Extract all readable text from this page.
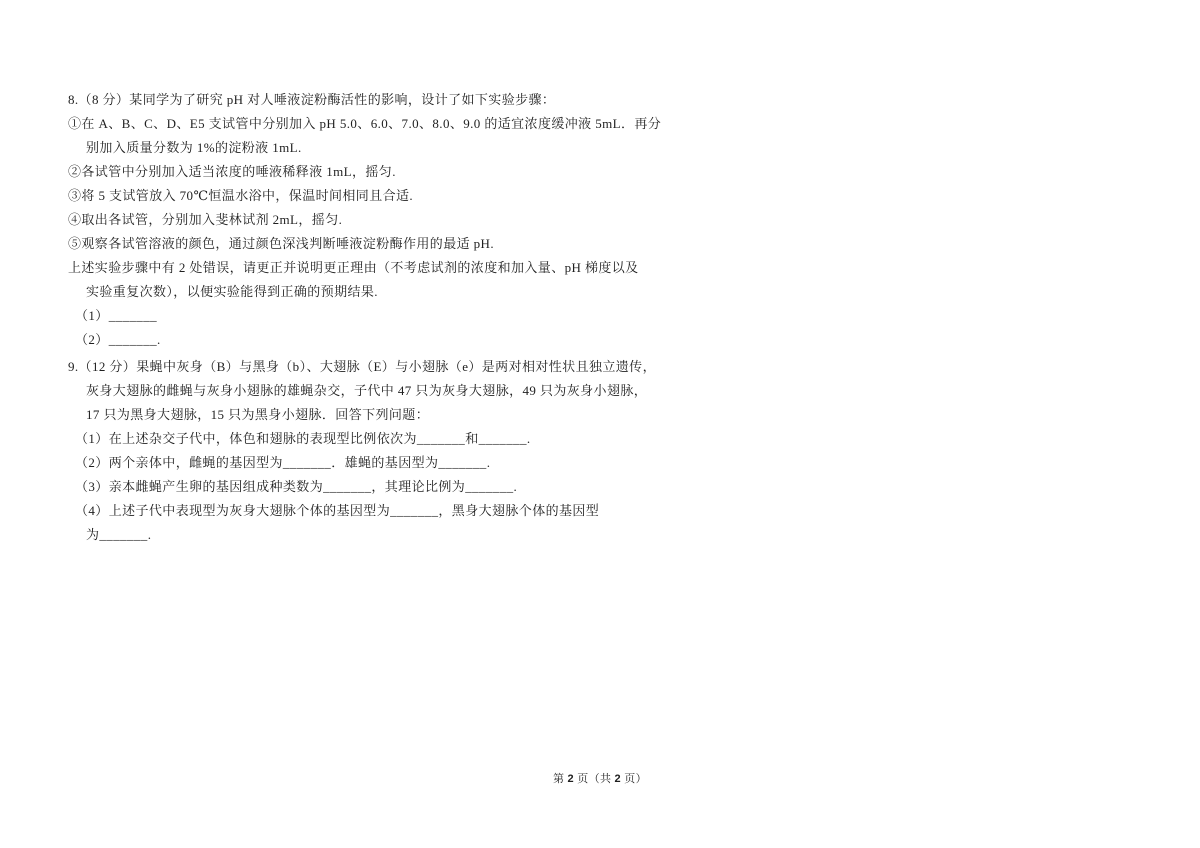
8.（8 分）某同学为了研究 pH 对人唾液淀粉酶活性的影响，设计了如下实验步骤：
①在 A、B、C、D、E5 支试管中分别加入 pH 5.0、6.0、7.0、8.0、9.0 的适宜浓度缓冲液 5mL．再分
别加入质量分数为 1%的淀粉液 1mL.
②各试管中分别加入适当浓度的唾液稀释液 1mL，摇匀.
③将 5 支试管放入 70℃恒温水浴中，保温时间相同且合适.
④取出各试管，分别加入斐林试剂 2mL，摇匀.
⑤观察各试管溶液的颜色，通过颜色深浅判断唾液淀粉酶作用的最适 pH.
上述实验步骤中有 2 处错误，请更正并说明更正理由（不考虑试剂的浓度和加入量、pH 梯度以及
实验重复次数），以便实验能得到正确的预期结果.
（1）_______
（2）_______.
9.（12 分）果蝇中灰身（B）与黑身（b）、大翅脉（E）与小翅脉（e）是两对相对性状且独立遗传，
灰身大翅脉的雌蝇与灰身小翅脉的雄蝇杂交，子代中 47 只为灰身大翅脉，49 只为灰身小翅脉，
17 只为黑身大翅脉，15 只为黑身小翅脉．回答下列问题：
（1）在上述杂交子代中，体色和翅脉的表现型比例依次为_______和_______.
（2）两个亲体中，雌蝇的基因型为_______．雄蝇的基因型为_______.
（3）亲本雌蝇产生卵的基因组成种类数为_______，其理论比例为_______.
（4）上述子代中表现型为灰身大翅脉个体的基因型为_______，黑身大翅脉个体的基因型
为_______.
第 2 页（共 2 页）
